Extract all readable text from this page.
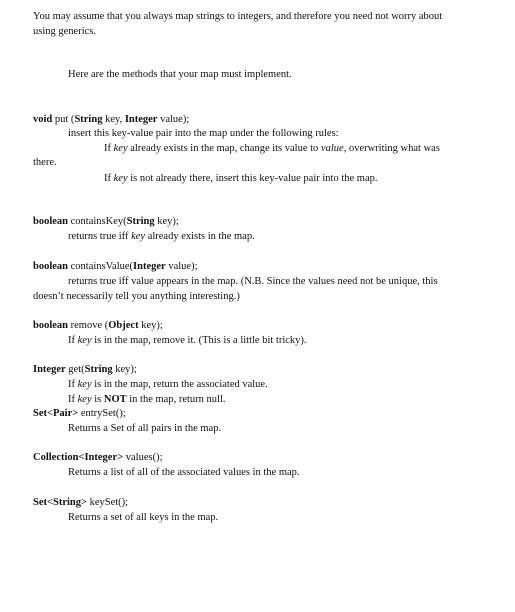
You may assume that you always map strings to integers, and therefore you need not worry about
using generics.
Here are the methods that your map must implement.
void put (String key, Integer value);
insert this key-value pair into the map under the following rules:
If key already exists in the map, change its value to value, overwriting what was
there.
If key is not already there, insert this key-value pair into the map.
boolean containsKey(String key);
returns true iff key already exists in the map.
boolean containsValue(Integer value);
returns true iff value appears in the map. (N.B. Since the values need not be unique, this
doesn’t necessarily tell you anything interesting.)
boolean remove (Object key);
If key is in the map, remove it. (This is a little bit tricky).
Integer get(String key);
If key is in the map, return the associated value.
If key is NOT in the map, return null.
Set<Pair> entrySet();
Returns a Set of all pairs in the map.
Collection<Integer> values();
Returns a list of all of the associated values in the map.
Set<String> keySet();
Returns a set of all keys in the map.
